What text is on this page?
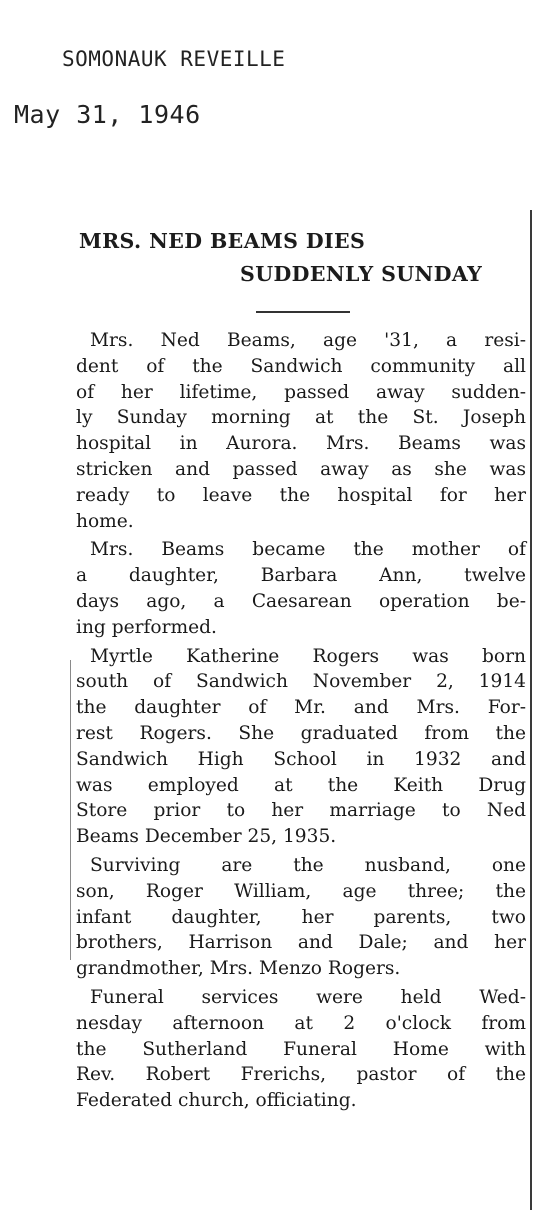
SOMONAUK REVEILLE
May 31, 1946
MRS. NED BEAMS DIES
SUDDENLY SUNDAY
Mrs. Ned Beams, age '31, a resi-
dent of the Sandwich community all
of her lifetime, passed away sudden-
ly Sunday morning at the St. Joseph
hospital in Aurora. Mrs. Beams was
stricken and passed away as she was
ready to leave the hospital for her
home.
Mrs. Beams became the mother of
a daughter, Barbara Ann, twelve
days ago, a Caesarean operation be-
ing performed.
Myrtle Katherine Rogers was born
south of Sandwich November 2, 1914
the daughter of Mr. and Mrs. For-
rest Rogers. She graduated from the
Sandwich High School in 1932 and
was employed at the Keith Drug
Store prior to her marriage to Ned
Beams December 25, 1935.
Surviving are the nusband, one
son, Roger William, age three; the
infant daughter, her parents, two
brothers, Harrison and Dale; and her
grandmother, Mrs. Menzo Rogers.
Funeral services were held Wed-
nesday afternoon at 2 o'clock from
the Sutherland Funeral Home with
Rev. Robert Frerichs, pastor of the
Federated church, officiating.
